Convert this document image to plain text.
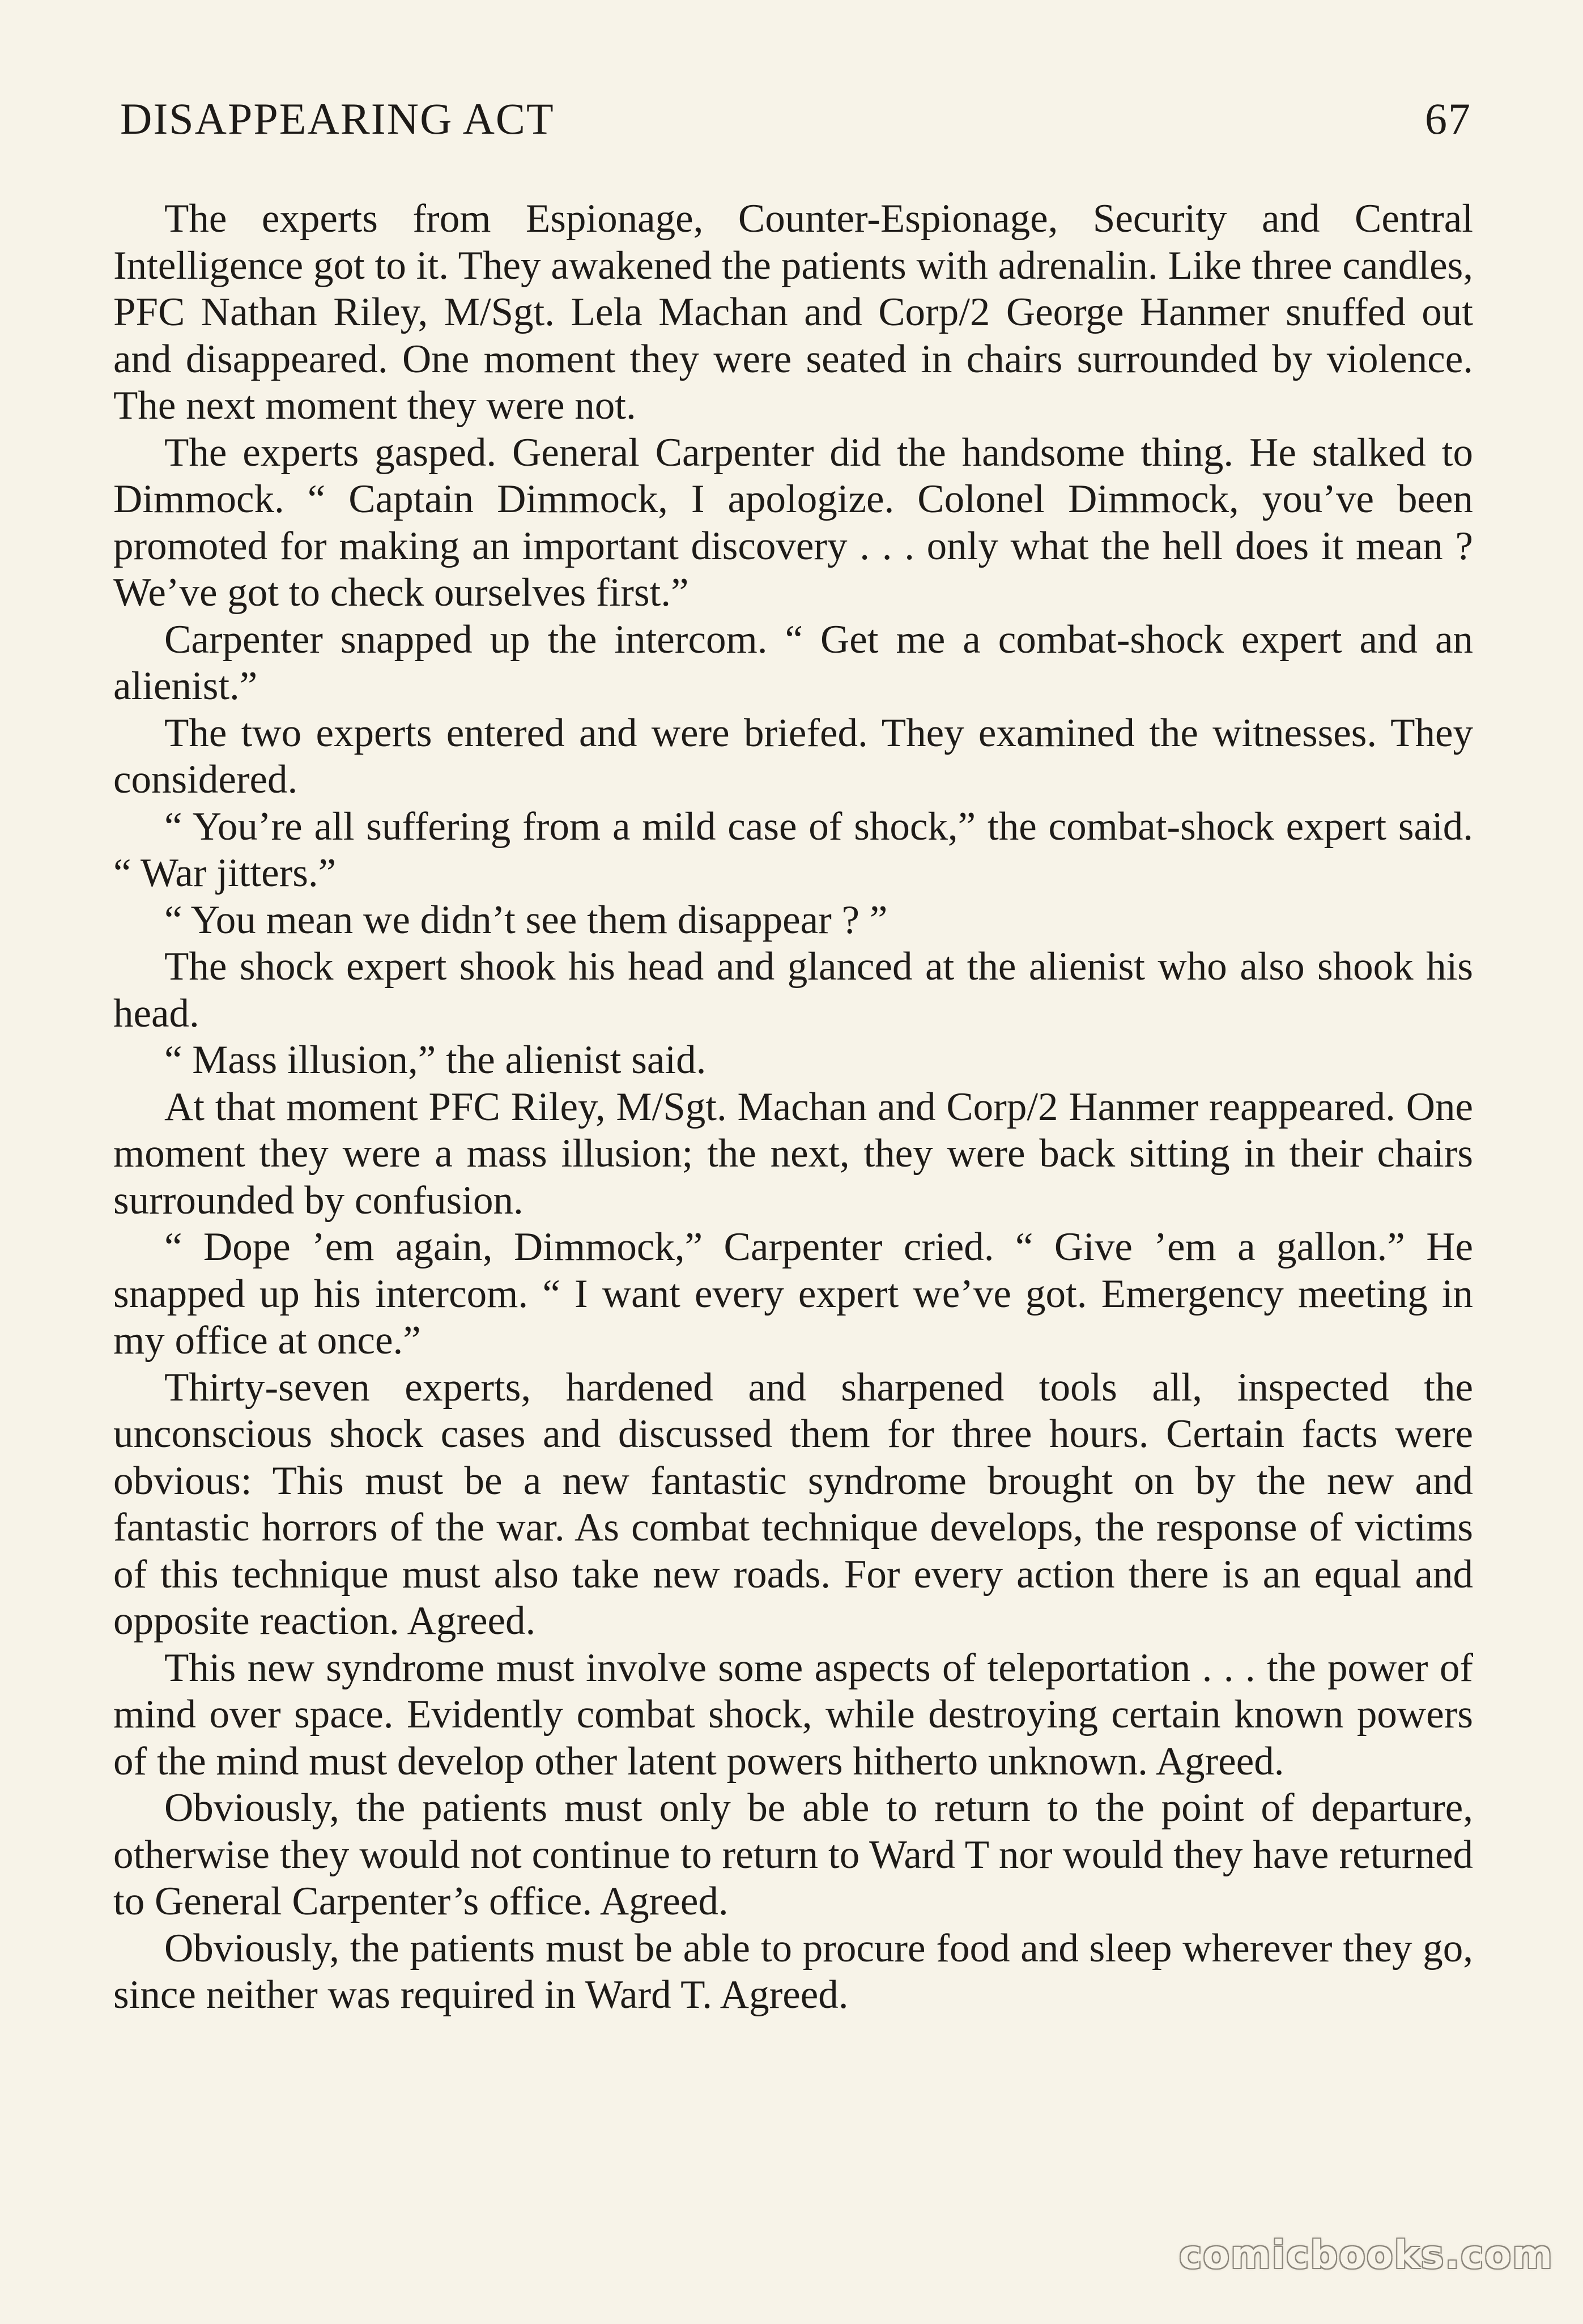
DISAPPEARING ACT	67

The experts from Espionage, Counter-Espionage, Security and Central Intelligence got to it. They awakened the patients with adrenalin. Like three candles, PFC Nathan Riley, M/Sgt. Lela Machan and Corp/2 George Hanmer snuffed out and disappeared. One moment they were seated in chairs surrounded by violence. The next moment they were not.

The experts gasped. General Carpenter did the handsome thing. He stalked to Dimmock. “ Captain Dimmock, I apologize. Colonel Dimmock, you’ve been promoted for making an important discovery . . . only what the hell does it mean ? We’ve got to check ourselves first.”

Carpenter snapped up the intercom. “ Get me a combat-shock expert and an alienist.”

The two experts entered and were briefed. They examined the witnesses. They considered.

“ You’re all suffering from a mild case of shock,” the combat-shock expert said. “ War jitters.”

“ You mean we didn’t see them disappear ? ”

The shock expert shook his head and glanced at the alienist who also shook his head.

“ Mass illusion,” the alienist said.

At that moment PFC Riley, M/Sgt. Machan and Corp/2 Hanmer reappeared. One moment they were a mass illusion; the next, they were back sitting in their chairs surrounded by confusion.

“ Dope ’em again, Dimmock,” Carpenter cried. “ Give ’em a gallon.” He snapped up his intercom. “ I want every expert we’ve got. Emergency meeting in my office at once.”

Thirty-seven experts, hardened and sharpened tools all, inspected the unconscious shock cases and discussed them for three hours. Certain facts were obvious: This must be a new fantastic syndrome brought on by the new and fantastic horrors of the war. As combat technique develops, the response of victims of this technique must also take new roads. For every action there is an equal and opposite reaction. Agreed.

This new syndrome must involve some aspects of teleportation . . . the power of mind over space. Evidently combat shock, while destroying certain known powers of the mind must develop other latent powers hitherto unknown. Agreed.

Obviously, the patients must only be able to return to the point of departure, otherwise they would not continue to return to Ward T nor would they have returned to General Carpenter’s office. Agreed.

Obviously, the patients must be able to procure food and sleep wherever they go, since neither was required in Ward T. Agreed.

comicbooks.com
